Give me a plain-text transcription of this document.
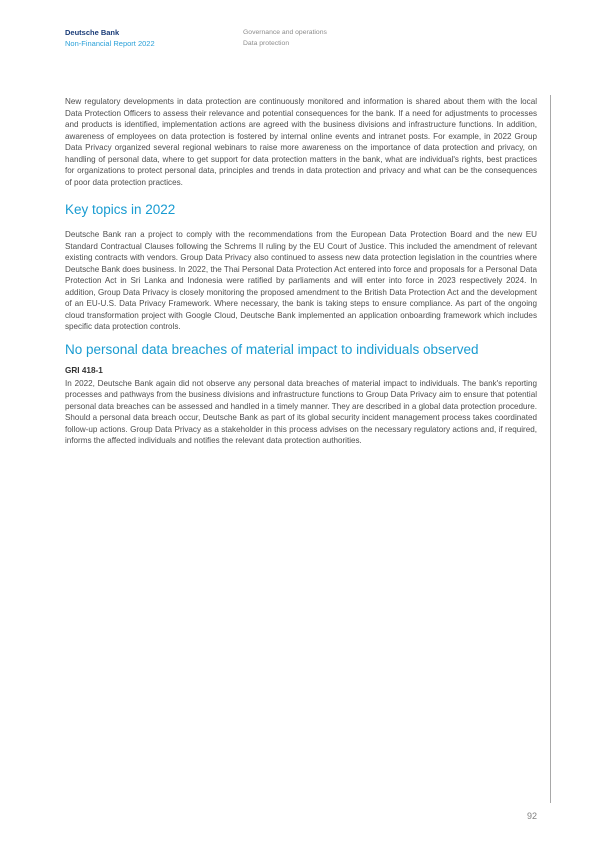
Deutsche Bank
Non-Financial Report 2022
Governance and operations
Data protection

New regulatory developments in data protection are continuously monitored and information is shared about them with the local Data Protection Officers to assess their relevance and potential consequences for the bank. If a need for adjustments to processes and products is identified, implementation actions are agreed with the business divisions and infrastructure functions. In addition, awareness of employees on data protection is fostered by internal online events and intranet posts. For example, in 2022 Group Data Privacy organized several regional webinars to raise more awareness on the importance of data protection and privacy, on handling of personal data, where to get support for data protection matters in the bank, what are individual's rights, best practices for organizations to protect personal data, principles and trends in data protection and privacy and what can be the consequences of poor data protection practices.

Key topics in 2022

Deutsche Bank ran a project to comply with the recommendations from the European Data Protection Board and the new EU Standard Contractual Clauses following the Schrems II ruling by the EU Court of Justice. This included the amendment of relevant existing contracts with vendors. Group Data Privacy also continued to assess new data protection legislation in the countries where Deutsche Bank does business. In 2022, the Thai Personal Data Protection Act entered into force and proposals for a Personal Data Protection Act in Sri Lanka and Indonesia were ratified by parliaments and will enter into force in 2023 respectively 2024. In addition, Group Data Privacy is closely monitoring the proposed amendment to the British Data Protection Act and the development of an EU-U.S. Data Privacy Framework. Where necessary, the bank is taking steps to ensure compliance. As part of the ongoing cloud transformation project with Google Cloud, Deutsche Bank implemented an application onboarding framework which includes specific data protection controls.

No personal data breaches of material impact to individuals observed

GRI 418-1

In 2022, Deutsche Bank again did not observe any personal data breaches of material impact to individuals. The bank's reporting processes and pathways from the business divisions and infrastructure functions to Group Data Privacy aim to ensure that potential personal data breaches can be assessed and handled in a timely manner. They are described in a global data protection procedure. Should a personal data breach occur, Deutsche Bank as part of its global security incident management process takes coordinated follow-up actions. Group Data Privacy as a stakeholder in this process advises on the necessary regulatory actions and, if required, informs the affected individuals and notifies the relevant data protection authorities.

92
